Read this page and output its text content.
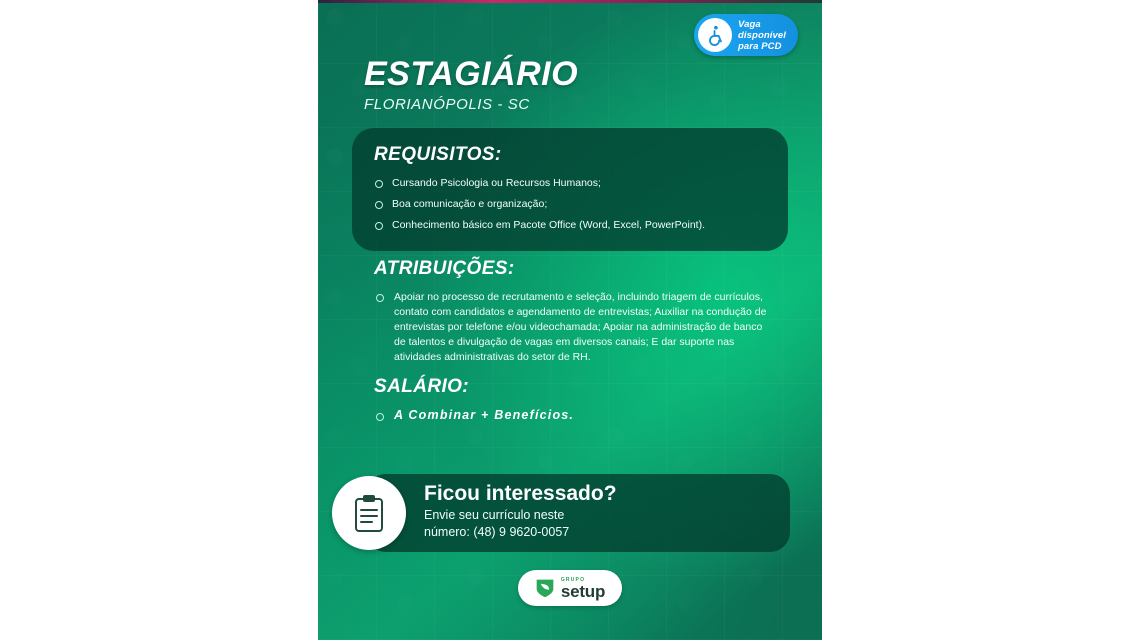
Vaga
disponível
para PCD
ESTAGIÁRIO
FLORIANÓPOLIS - SC
REQUISITOS:
Cursando Psicologia ou Recursos Humanos;
Boa comunicação e organização;
Conhecimento básico em Pacote Office (Word, Excel, PowerPoint).
ATRIBUIÇÕES:
Apoiar no processo de recrutamento e seleção, incluindo triagem de currículos, contato com candidatos e agendamento de entrevistas; Auxiliar na condução de entrevistas por telefone e/ou videochamada; Apoiar na administração de banco de talentos e divulgação de vagas em diversos canais; E dar suporte nas atividades administrativas do setor de RH.
SALÁRIO:
A Combinar + Benefícios.
Ficou interessado?
Envie seu currículo neste
número: (48) 9 9620-0057
GRUPO
setup
